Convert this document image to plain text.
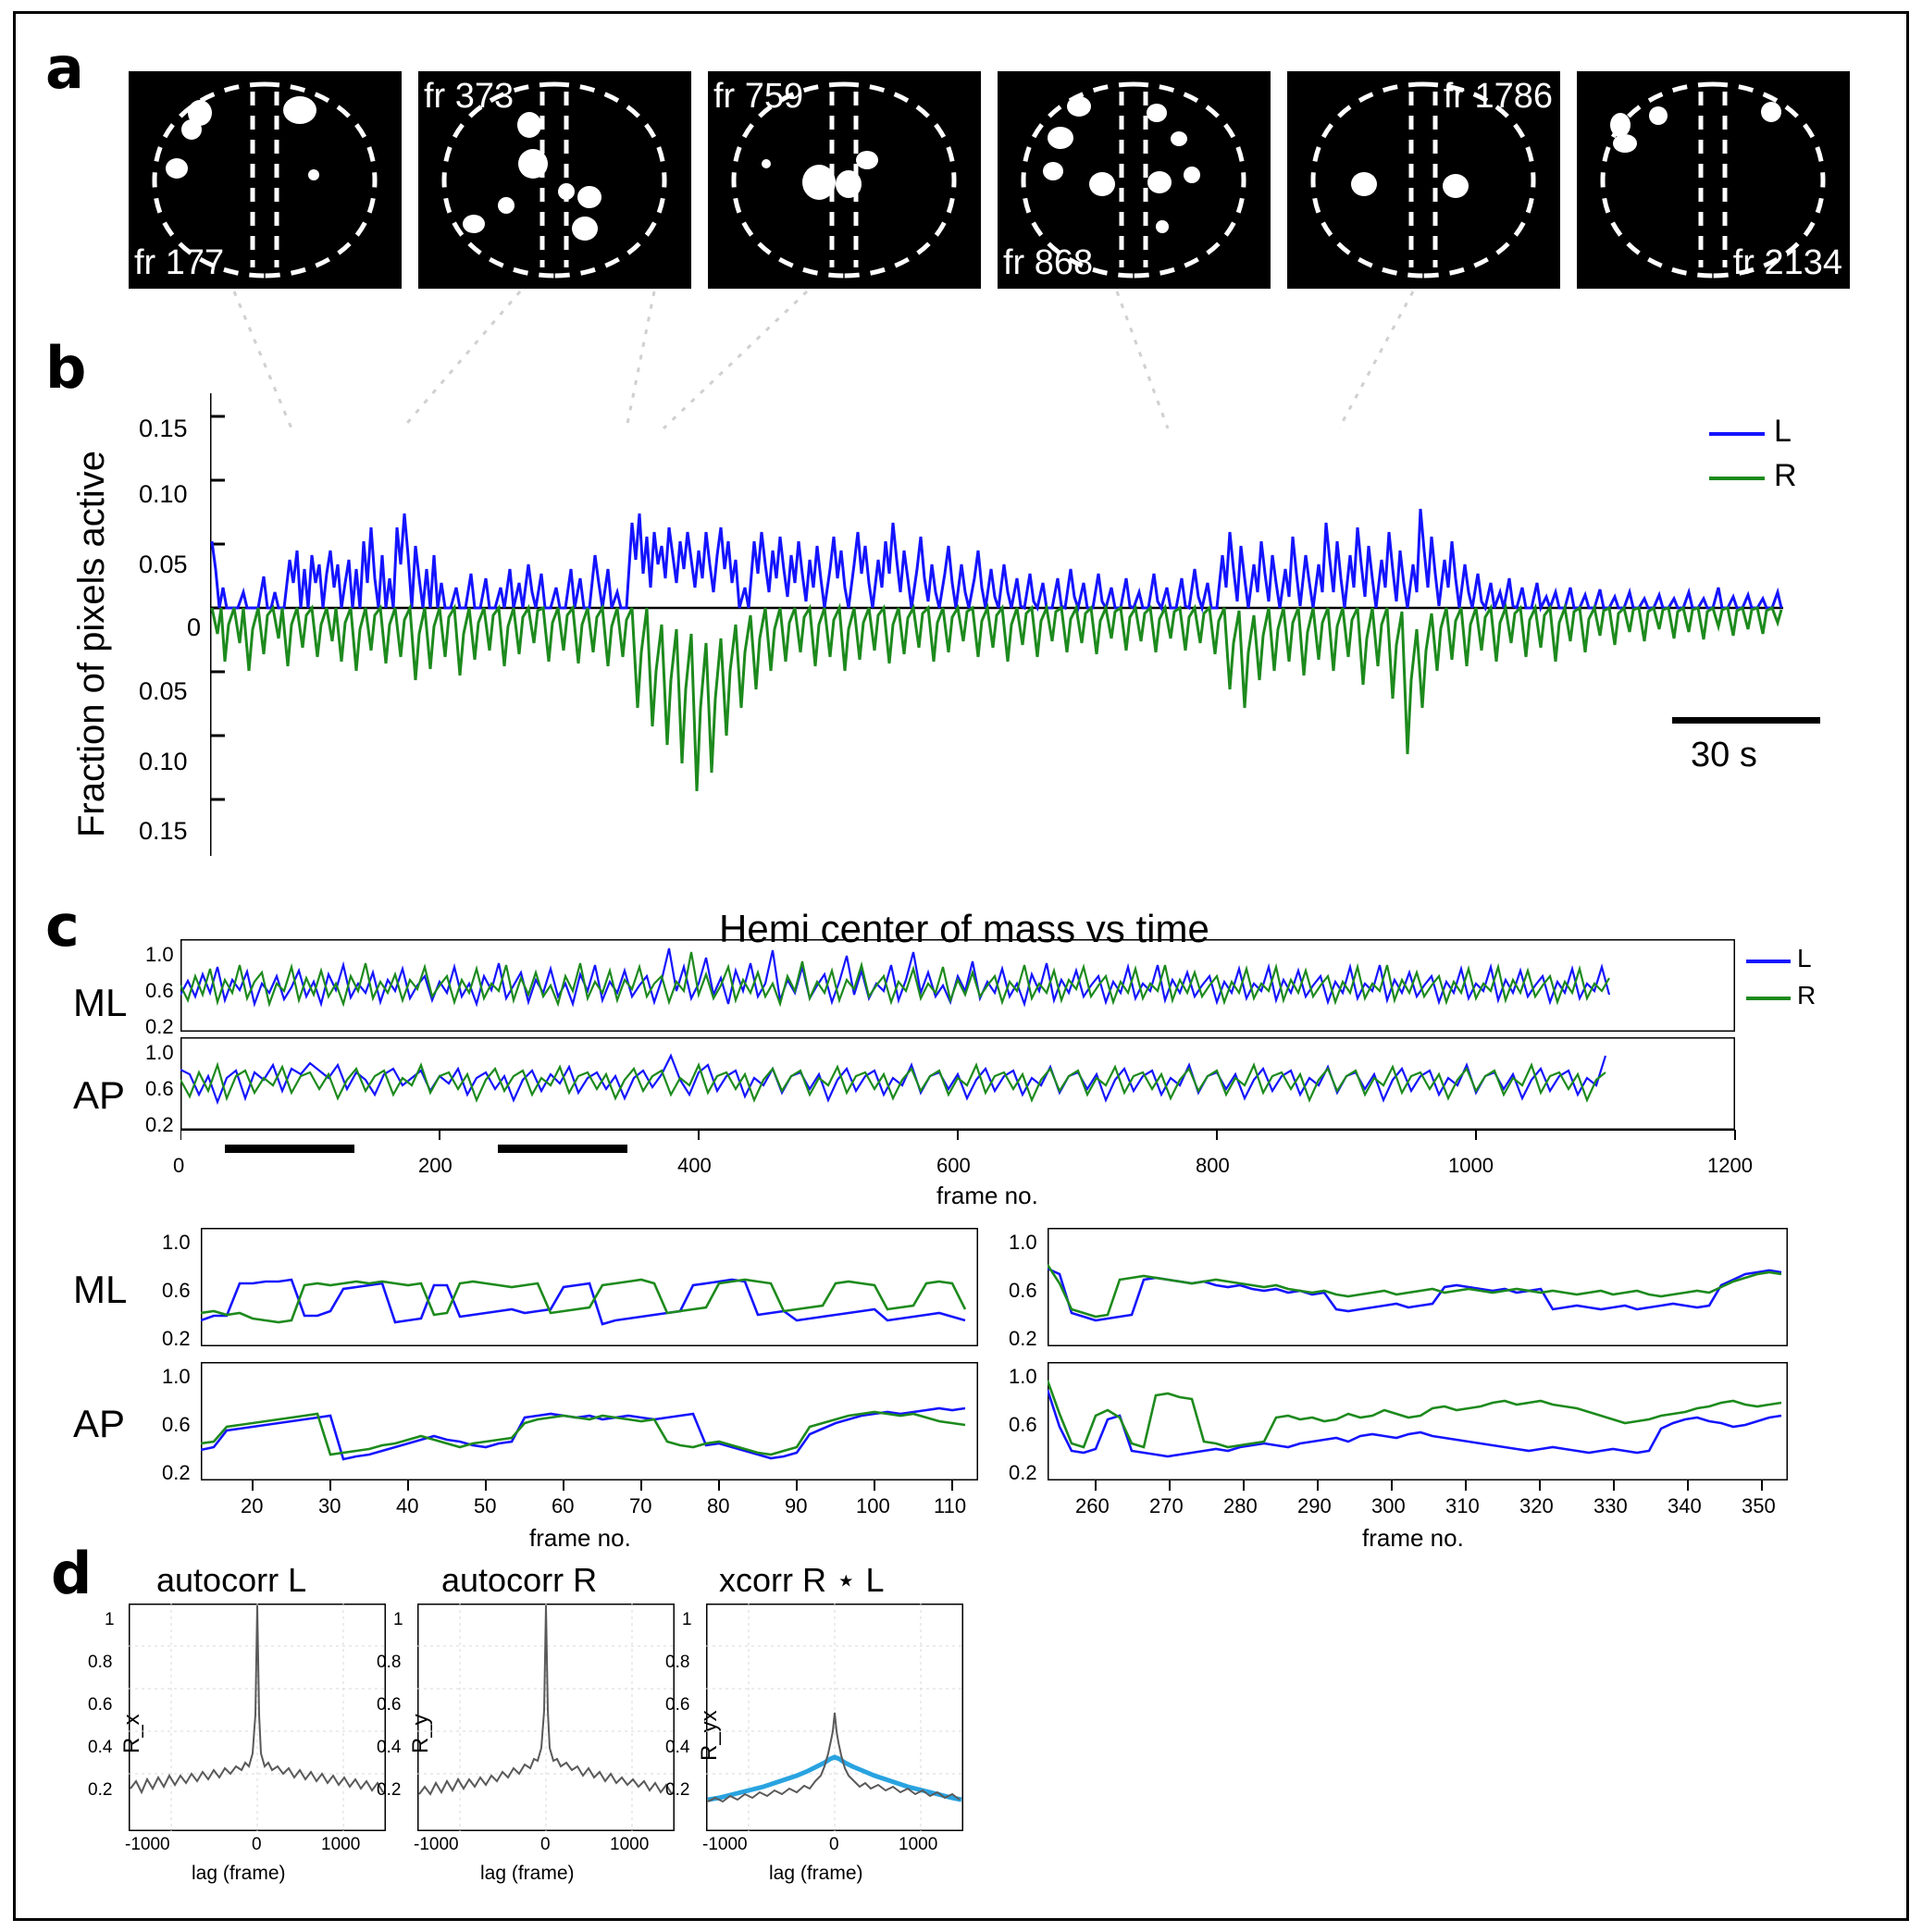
a
fr 177
fr 373	fr 759
fr 868
fr 1786
fr 2134
b
Fraction of pixels active
0.15
0.10
0.05
0
0.05
0.10
0.15
L
R
30 s
c	Hemi center of mass vs time
ML
AP
1.0
0.6
0.2
1.0
0.6
0.2
L
R
0	200	400	600	800	1000	1200
frame no.
ML
AP
1.0
0.6
0.2
1.0
0.6
0.2
20	30	40	50	60	70	80	90 100 110
frame no.
1.0
0.6
0.2
1.0
0.6
0.2
260 270 280 290 300 310 320 330 340 350
frame no.
d autocorr L
R_x
1
0.8
0.6
0.4
0.2
-1000	0	1000
lag (frame)
autocorr R
R_y
1
0.8
0.6
0.4
0.2
-1000	0	1000
lag (frame)
xcorr R ⋆ L
R_yx
1
0.8
0.6
0.4
0.2
-1000	0	1000
lag (frame)
